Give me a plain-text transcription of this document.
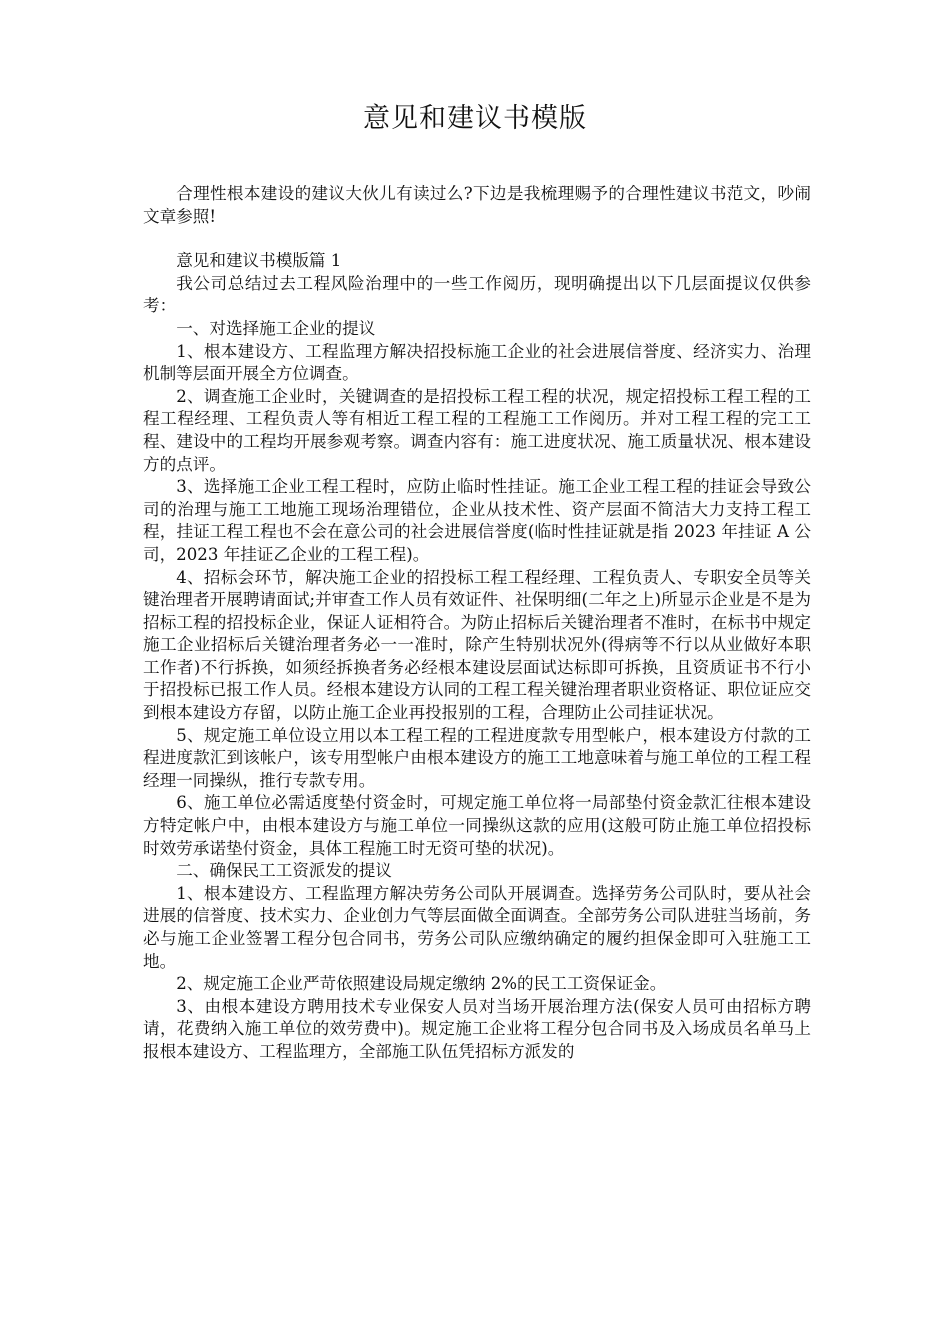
意见和建议书模版

合理性根本建设的建议大伙儿有读过么?下边是我梳理赐予的合理性建议书范文，吵闹文章参照!

意见和建议书模版篇 1

我公司总结过去工程风险治理中的一些工作阅历，现明确提出以下几层面提议仅供参考：

一、对选择施工企业的提议

1、根本建设方、工程监理方解决招投标施工企业的社会进展信誉度、经济实力、治理机制等层面开展全方位调查。

2、调查施工企业时，关键调查的是招投标工程工程的状况，规定招投标工程工程的工程工程经理、工程负责人等有相近工程工程的工程施工工作阅历。并对工程工程的完工工程、建设中的工程均开展参观考察。调查内容有：施工进度状况、施工质量状况、根本建设方的点评。

3、选择施工企业工程工程时，应防止临时性挂证。施工企业工程工程的挂证会导致公司的治理与施工工地施工现场治理错位，企业从技术性、资产层面不简洁大力支持工程工程，挂证工程工程也不会在意公司的社会进展信誉度(临时性挂证就是指 2023 年挂证 A 公司，2023 年挂证乙企业的工程工程)。

4、招标会环节，解决施工企业的招投标工程工程经理、工程负责人、专职安全员等关键治理者开展聘请面试;并审查工作人员有效证件、社保明细(二年之上)所显示企业是不是为招标工程的招投标企业，保证人证相符合。为防止招标后关键治理者不准时，在标书中规定施工企业招标后关键治理者务必一一准时，除产生特别状况外(得病等不行以从业做好本职工作者)不行拆换，如须经拆换者务必经根本建设层面试达标即可拆换，且资质证书不行小于招投标已报工作人员。经根本建设方认同的工程工程关键治理者职业资格证、职位证应交到根本建设方存留，以防止施工企业再投报别的工程，合理防止公司挂证状况。

5、规定施工单位设立用以本工程工程的工程进度款专用型帐户，根本建设方付款的工程进度款汇到该帐户，该专用型帐户由根本建设方的施工工地意味着与施工单位的工程工程经理一同操纵，推行专款专用。

6、施工单位必需适度垫付资金时，可规定施工单位将一局部垫付资金款汇往根本建设方特定帐户中，由根本建设方与施工单位一同操纵这款的应用(这般可防止施工单位招投标时效劳承诺垫付资金，具体工程施工时无资可垫的状况)。

二、确保民工工资派发的提议

1、根本建设方、工程监理方解决劳务公司队开展调查。选择劳务公司队时，要从社会进展的信誉度、技术实力、企业创力气等层面做全面调查。全部劳务公司队进驻当场前，务必与施工企业签署工程分包合同书，劳务公司队应缴纳确定的履约担保金即可入驻施工工地。

2、规定施工企业严苛依照建设局规定缴纳 2%的民工工资保证金。

3、由根本建设方聘用技术专业保安人员对当场开展治理方法(保安人员可由招标方聘请，花费纳入施工单位的效劳费中)。规定施工企业将工程分包合同书及入场成员名单马上报根本建设方、工程监理方，全部施工队伍凭招标方派发的
